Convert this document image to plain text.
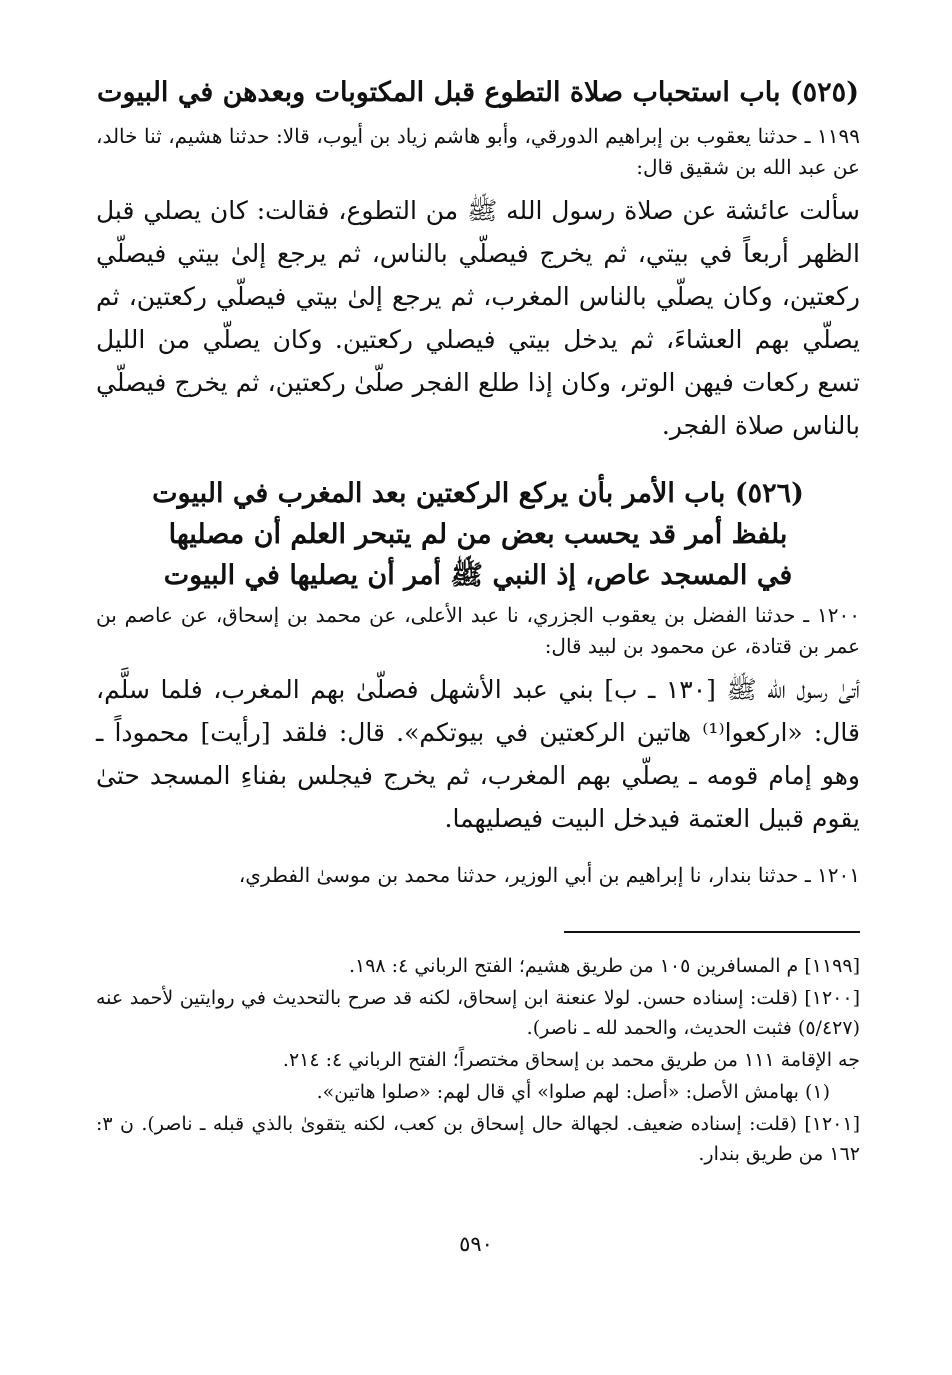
(٥٢٥) باب استحباب صلاة التطوع قبل المكتوبات وبعدهن في البيوت

١١٩٩ ـ حدثنا يعقوب بن إبراهيم الدورقي، وأبو هاشم زياد بن أيوب، قالا: حدثنا هشيم، ثنا خالد، عن عبد الله بن شقيق قال:

سألت عائشة عن صلاة رسول الله ﷺ من التطوع، فقالت: كان يصلي قبل الظهر أربعاً في بيتي، ثم يخرج فيصلّي بالناس، ثم يرجع إلىٰ بيتي فيصلّي ركعتين، وكان يصلّي بالناس المغرب، ثم يرجع إلىٰ بيتي فيصلّي ركعتين، ثم يصلّي بهم العشاءَ، ثم يدخل بيتي فيصلي ركعتين. وكان يصلّي من الليل تسع ركعات فيهن الوتر، وكان إذا طلع الفجر صلّىٰ ركعتين، ثم يخرج فيصلّي بالناس صلاة الفجر.

(٥٢٦) باب الأمر بأن يركع الركعتين بعد المغرب في البيوت
بلفظ أمر قد يحسب بعض من لم يتبحر العلم أن مصليها
في المسجد عاص، إذ النبي ﷺ أمر أن يصليها في البيوت

١٢٠٠ ـ حدثنا الفضل بن يعقوب الجزري، نا عبد الأعلى، عن محمد بن إسحاق، عن عاصم بن عمر بن قتادة، عن محمود بن لبيد قال:

أتىٰ رسول الله ﷺ [١٣٠ ـ ب] بني عبد الأشهل فصلّىٰ بهم المغرب، فلما سلَّم، قال: «اركعوا⁽¹⁾ هاتين الركعتين في بيوتكم». قال: فلقد [رأيت] محموداً ـ وهو إمام قومه ـ يصلّي بهم المغرب، ثم يخرج فيجلس بفناءِ المسجد حتىٰ يقوم قبيل العتمة فيدخل البيت فيصليهما.

١٢٠١ ـ حدثنا بندار، نا إبراهيم بن أبي الوزير، حدثنا محمد بن موسىٰ الفطري،

[١١٩٩] م المسافرين ١٠٥ من طريق هشيم؛ الفتح الرباني ٤: ١٩٨.

[١٢٠٠] (قلت: إسناده حسن. لولا عنعنة ابن إسحاق، لكنه قد صرح بالتحديث في روايتين لأحمد عنه (٥/٤٢٧) فثبت الحديث، والحمد لله ـ ناصر).

جه الإقامة ١١١ من طريق محمد بن إسحاق مختصراً؛ الفتح الرباني ٤: ٢١٤.

(١) بهامش الأصل: «أصل: لهم صلوا» أي قال لهم: «صلوا هاتين».

[١٢٠١] (قلت: إسناده ضعيف. لجهالة حال إسحاق بن كعب، لكنه يتقوىٰ بالذي قبله ـ ناصر). ن ٣: ١٦٢ من طريق بندار.

٥٩٠
